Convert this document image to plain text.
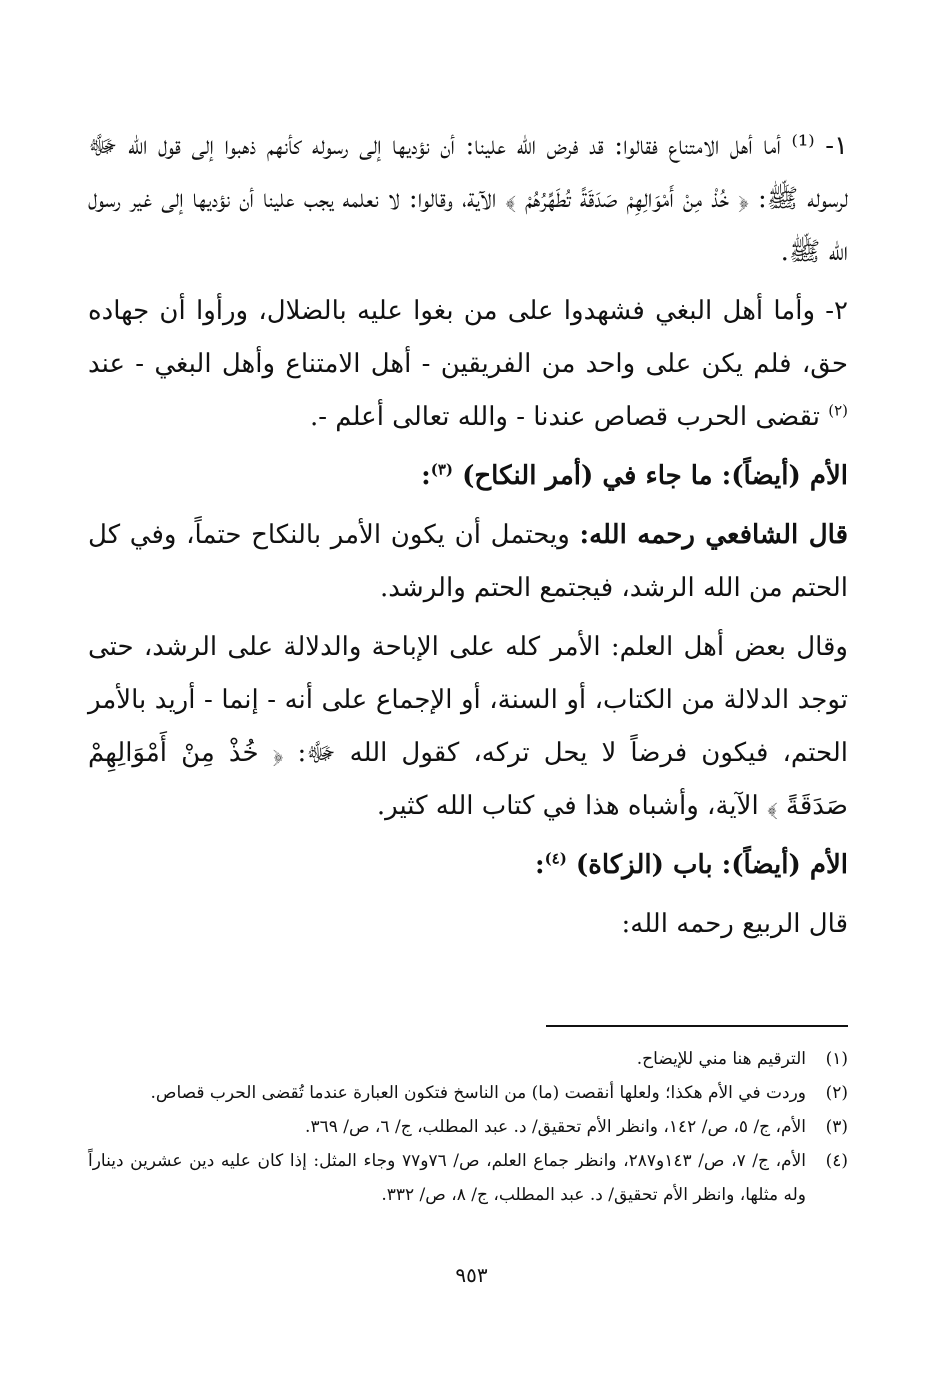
١- ⁽¹⁾ أما أهل الامتناع فقالوا: قد فرض الله علينا: أن نؤديها إلى رسوله كأنهم ذهبوا إلى قول الله ﷻ لرسوله ﷺ: ﴿ خُذْ مِنْ أَمْوَالِهِمْ صَدَقَةً تُطَهِّرُهُمْ ﴾ الآية، وقالوا: لا نعلمه يجب علينا أن نؤديها إلى غير رسول الله ﷺ.

٢- وأما أهل البغي فشهدوا على من بغوا عليه بالضلال، ورأوا أن جهاده حق، فلم يكن على واحد من الفريقين - أهل الامتناع وأهل البغي - عند $^{(٢)}$ تقضى الحرب قصاص عندنا - والله تعالى أعلم -.

الأم (أيضاً): ما جاء في (أمر النكاح) $^{(٣)}$:

قال الشافعي رحمه الله: ويحتمل أن يكون الأمر بالنكاح حتماً، وفي كل الحتم من الله الرشد، فيجتمع الحتم والرشد.

وقال بعض أهل العلم: الأمر كله على الإباحة والدلالة على الرشد، حتى توجد الدلالة من الكتاب، أو السنة، أو الإجماع على أنه - إنما - أريد بالأمر الحتم، فيكون فرضاً لا يحل تركه، كقول الله ﷻ: ﴿ خُذْ مِنْ أَمْوَالِهِمْ صَدَقَةً ﴾ الآية، وأشباه هذا في كتاب الله كثير.

الأم (أيضاً): باب (الزكاة) $^{(٤)}$:

قال الربيع رحمه الله:

(١)
الترقيم هنا مني للإيضاح.
(٢)
وردت في الأم هكذا؛ ولعلها أنقصت (ما) من الناسخ فتكون العبارة عندما تُقضى الحرب قصاص.
(٣)
الأم، ج/ ٥، ص/ ١٤٢، وانظر الأم تحقيق/ د. عبد المطلب، ج/ ٦، ص/ ٣٦٩.
(٤)
الأم، ج/ ٧، ص/ ١٤٣و٢٨٧، وانظر جماع العلم، ص/ ٧٦و٧٧ وجاء المثل: إذا كان عليه دين عشرين ديناراً وله مثلها، وانظر الأم تحقيق/ د. عبد المطلب، ج/ ٨، ص/ ٣٣٢.
٩٥٣
